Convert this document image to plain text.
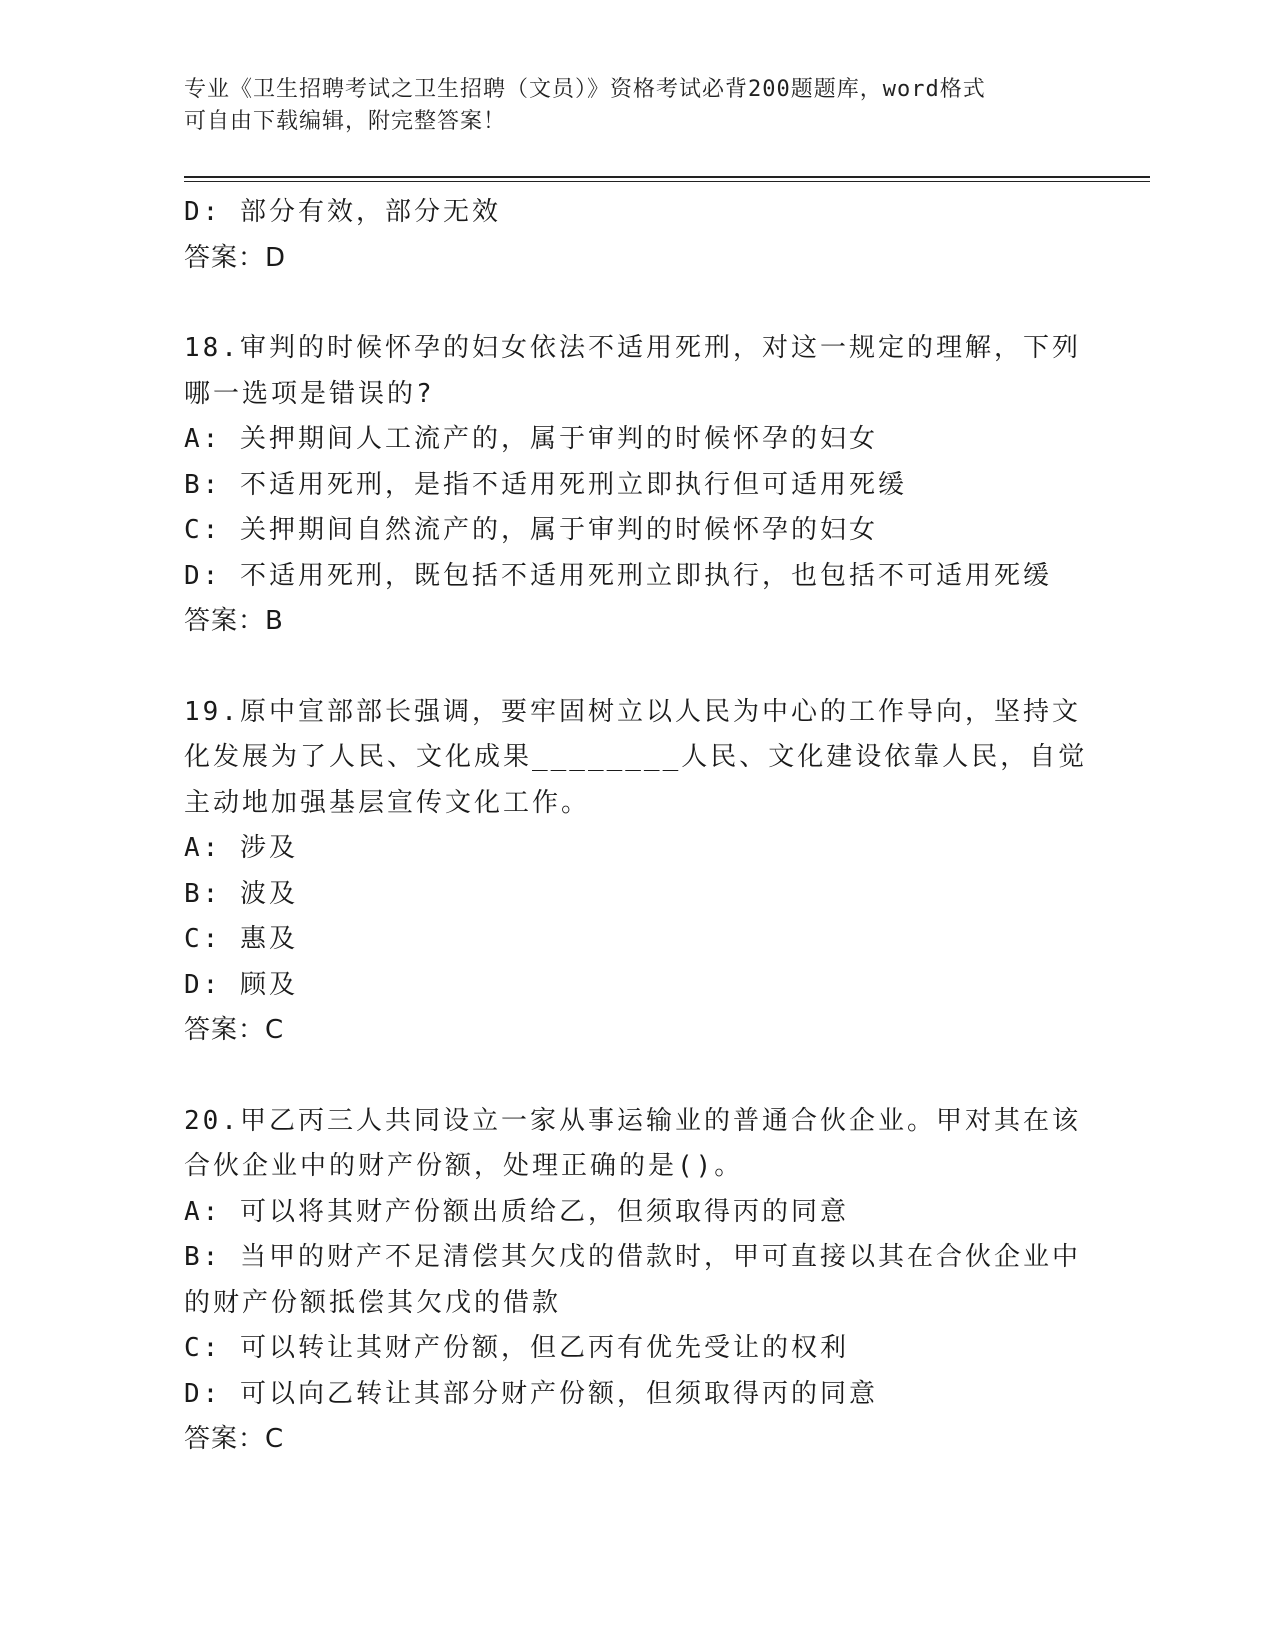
专业《卫生招聘考试之卫生招聘（文员）》资格考试必背200题题库，word格式
可自由下载编辑，附完整答案！
D: 部分有效，部分无效
答案：D
18.审判的时候怀孕的妇女依法不适用死刑，对这一规定的理解，下列
哪一选项是错误的?
A: 关押期间人工流产的，属于审判的时候怀孕的妇女
B: 不适用死刑，是指不适用死刑立即执行但可适用死缓
C: 关押期间自然流产的，属于审判的时候怀孕的妇女
D: 不适用死刑，既包括不适用死刑立即执行，也包括不可适用死缓
答案：B
19.原中宣部部长强调，要牢固树立以人民为中心的工作导向，坚持文
化发展为了人民、文化成果________人民、文化建设依靠人民，自觉
主动地加强基层宣传文化工作。
A: 涉及
B: 波及
C: 惠及
D: 顾及
答案：C
20.甲乙丙三人共同设立一家从事运输业的普通合伙企业。甲对其在该
合伙企业中的财产份额，处理正确的是()。
A: 可以将其财产份额出质给乙，但须取得丙的同意
B: 当甲的财产不足清偿其欠戊的借款时，甲可直接以其在合伙企业中
的财产份额抵偿其欠戊的借款
C: 可以转让其财产份额，但乙丙有优先受让的权利
D: 可以向乙转让其部分财产份额，但须取得丙的同意
答案：C
